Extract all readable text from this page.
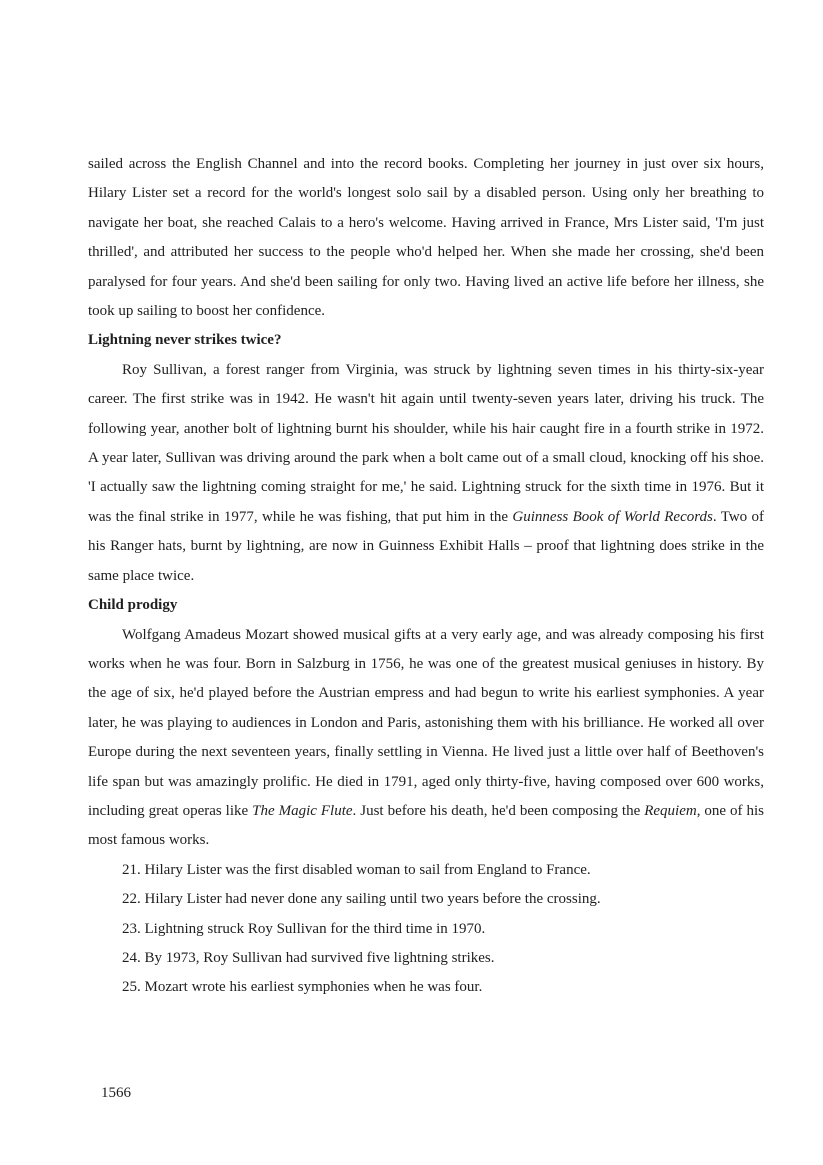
sailed across the English Channel and into the record books. Completing her journey in just over six hours, Hilary Lister set a record for the world's longest solo sail by a disabled person. Using only her breathing to navigate her boat, she reached Calais to a hero's welcome. Having arrived in France, Mrs Lister said, 'I'm just thrilled', and attributed her success to the people who'd helped her. When she made her crossing, she'd been paralysed for four years. And she'd been sailing for only two. Having lived an active life before her illness, she took up sailing to boost her confidence.

Lightning never strikes twice?

Roy Sullivan, a forest ranger from Virginia, was struck by lightning seven times in his thirty-six-year career. The first strike was in 1942. He wasn't hit again until twenty-seven years later, driving his truck. The following year, another bolt of lightning burnt his shoulder, while his hair caught fire in a fourth strike in 1972. A year later, Sullivan was driving around the park when a bolt came out of a small cloud, knocking off his shoe. 'I actually saw the lightning coming straight for me,' he said. Lightning struck for the sixth time in 1976. But it was the final strike in 1977, while he was fishing, that put him in the Guinness Book of World Records. Two of his Ranger hats, burnt by lightning, are now in Guinness Exhibit Halls – proof that lightning does strike in the same place twice.

Child prodigy

Wolfgang Amadeus Mozart showed musical gifts at a very early age, and was already composing his first works when he was four. Born in Salzburg in 1756, he was one of the greatest musical geniuses in history. By the age of six, he'd played before the Austrian empress and had begun to write his earliest symphonies. A year later, he was playing to audiences in London and Paris, astonishing them with his brilliance. He worked all over Europe during the next seventeen years, finally settling in Vienna. He lived just a little over half of Beethoven's life span but was amazingly prolific. He died in 1791, aged only thirty-five, having composed over 600 works, including great operas like The Magic Flute. Just before his death, he'd been composing the Requiem, one of his most famous works.

21. Hilary Lister was the first disabled woman to sail from England to France.

22. Hilary Lister had never done any sailing until two years before the crossing.

23. Lightning struck Roy Sullivan for the third time in 1970.

24. By 1973, Roy Sullivan had survived five lightning strikes.

25. Mozart wrote his earliest symphonies when he was four.

1566
